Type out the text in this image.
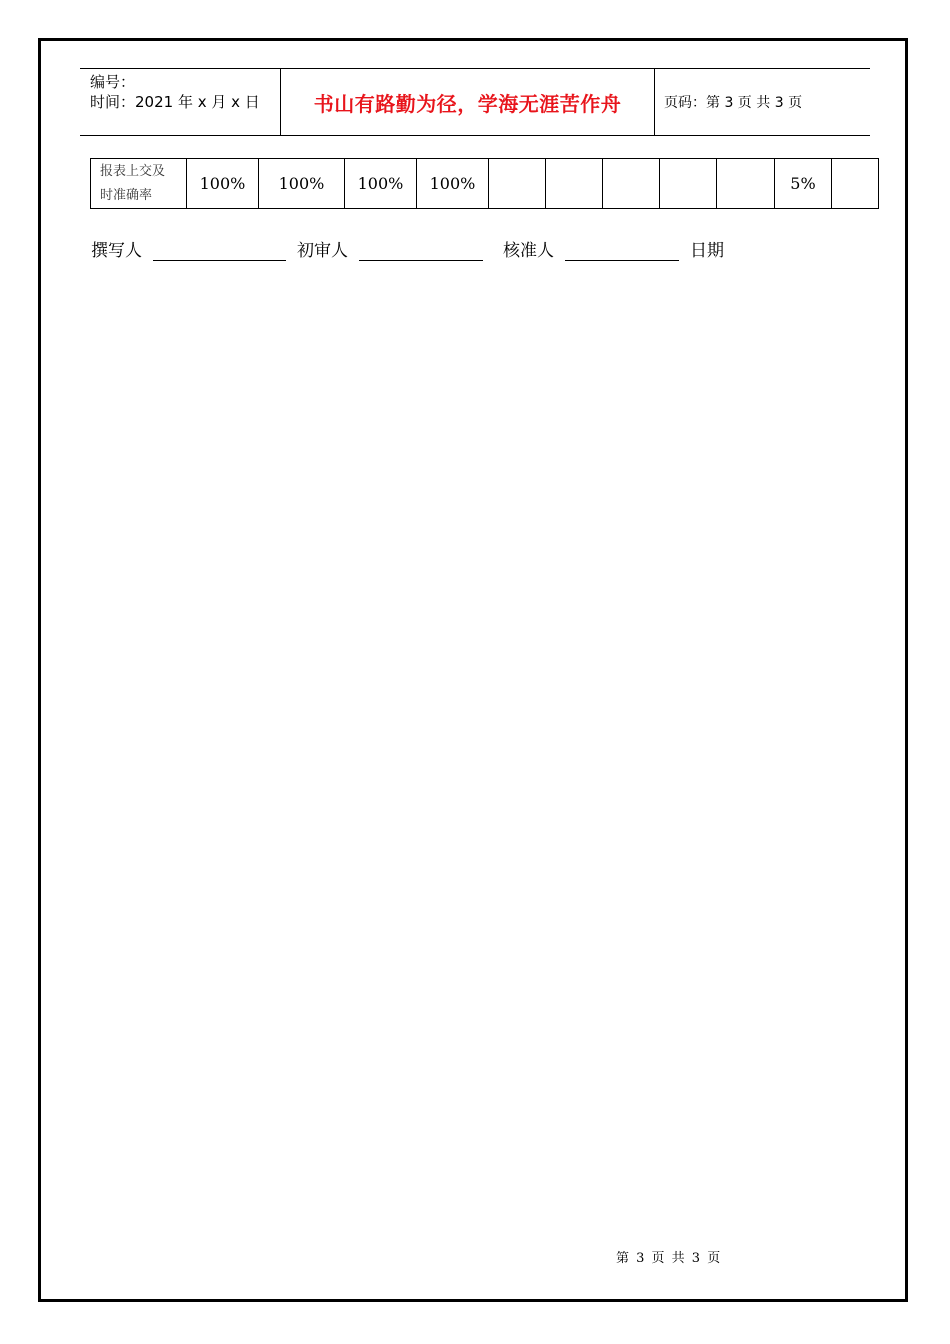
编号：
时间：2021 年 x 月 x 日	书山有路勤为径，学海无涯苦作舟	页码：第 3 页 共 3 页
报表上交及
时准确率
	100%	100%	100%	100%						5%	
撰写人	初审人	核准人	日期
第 3 页 共 3 页
